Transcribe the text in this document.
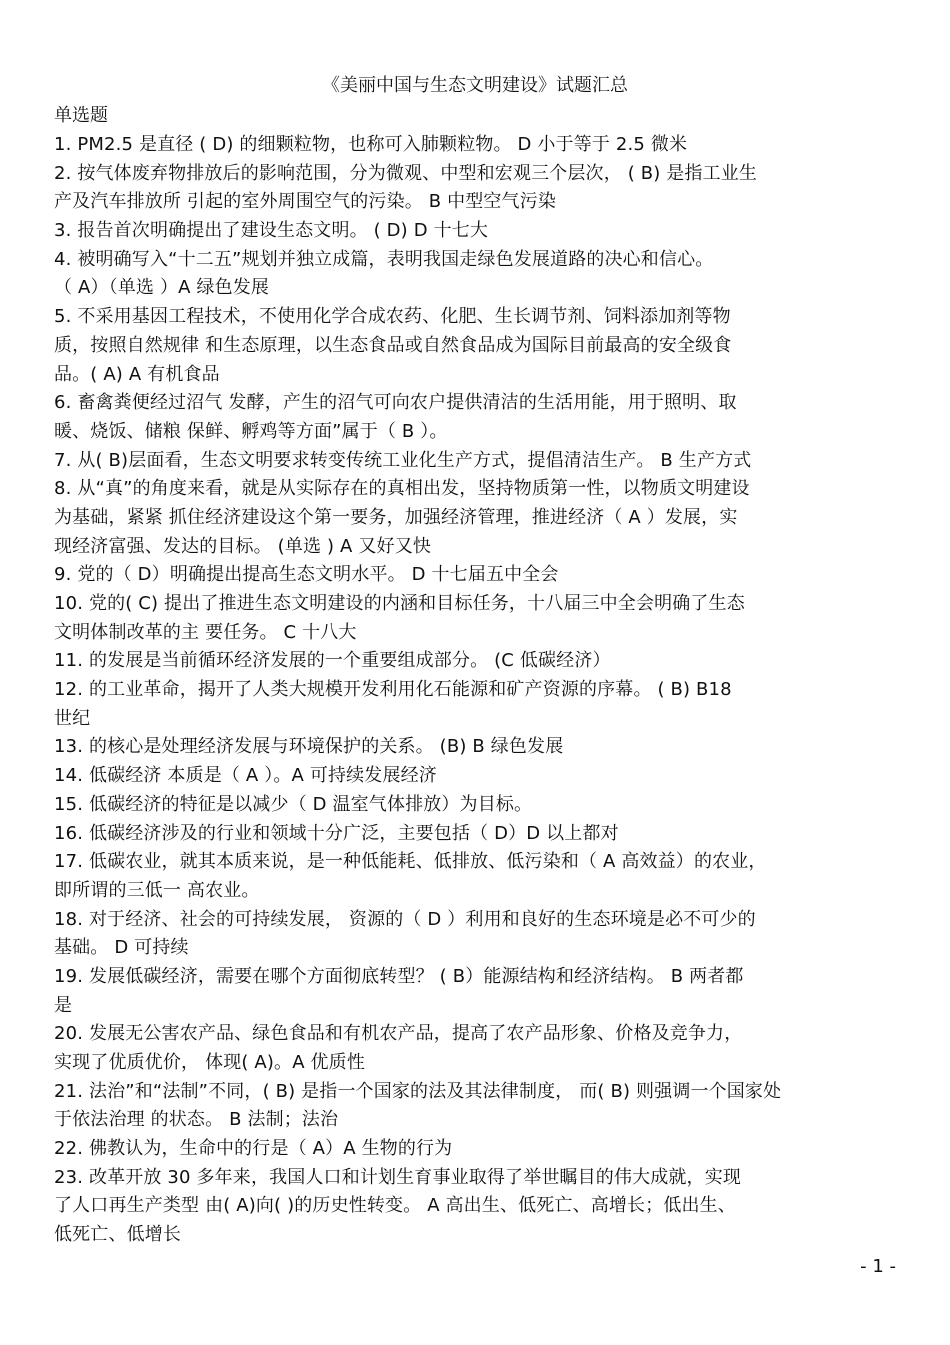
《美丽中国与生态文明建设》试题汇总
单选题
1. PM2.5 是直径 ( D) 的细颗粒物，也称可入肺颗粒物。 D 小于等于 2.5 微米
2. 按气体废弃物排放后的影响范围，分为微观、中型和宏观三个层次， ( B) 是指工业生
产及汽车排放所 引起的室外周围空气的污染。 B 中型空气污染
3. 报告首次明确提出了建设生态文明。 ( D) D 十七大
4. 被明确写入“十二五”规划并独立成篇，表明我国走绿色发展道路的决心和信心。
（ A）（单选 ）A 绿色发展
5. 不采用基因工程技术，不使用化学合成农药、化肥、生长调节剂、饲料添加剂等物
质，按照自然规律 和生态原理，以生态食品或自然食品成为国际目前最高的安全级食
品。( A) A 有机食品
6. 畜禽粪便经过沼气 发酵，产生的沼气可向农户提供清洁的生活用能，用于照明、取
暖、烧饭、储粮 保鲜、孵鸡等方面”属于（ B ）。
7. 从( B)层面看，生态文明要求转变传统工业化生产方式，提倡清洁生产。 B 生产方式
8. 从“真”的角度来看，就是从实际存在的真相出发，坚持物质第一性，以物质文明建设
为基础，紧紧 抓住经济建设这个第一要务，加强经济管理，推进经济（ A ）发展，实
现经济富强、发达的目标。 (单选 ) A 又好又快
9. 党的（ D）明确提出提高生态文明水平。 D 十七届五中全会
10. 党的( C) 提出了推进生态文明建设的内涵和目标任务，十八届三中全会明确了生态
文明体制改革的主 要任务。 C 十八大
11. 的发展是当前循环经济发展的一个重要组成部分。 (C 低碳经济）
12. 的工业革命，揭开了人类大规模开发利用化石能源和矿产资源的序幕。 ( B) B18
世纪
13. 的核心是处理经济发展与环境保护的关系。 (B) B 绿色发展
14. 低碳经济 本质是（ A ）。A 可持续发展经济
15. 低碳经济的特征是以减少（ D 温室气体排放）为目标。
16. 低碳经济涉及的行业和领域十分广泛，主要包括（ D）D 以上都对
17. 低碳农业，就其本质来说，是一种低能耗、低排放、低污染和（ A 高效益）的农业，
即所谓的三低一 高农业。
18. 对于经济、社会的可持续发展， 资源的（ D ）利用和良好的生态环境是必不可少的
基础。 D 可持续
19. 发展低碳经济，需要在哪个方面彻底转型？ ( B）能源结构和经济结构。 B 两者都
是
20. 发展无公害农产品、绿色食品和有机农产品，提高了农产品形象、价格及竞争力，
实现了优质优价， 体现( A)。A 优质性
21. 法治”和“法制”不同，( B) 是指一个国家的法及其法律制度， 而( B) 则强调一个国家处
于依法治理 的状态。 B 法制；法治
22. 佛教认为，生命中的行是（ A）A 生物的行为
23. 改革开放 30 多年来，我国人口和计划生育事业取得了举世瞩目的伟大成就，实现
了人口再生产类型 由( A)向( )的历史性转变。 A 高出生、低死亡、高增长；低出生、
低死亡、低增长
- 1 -
